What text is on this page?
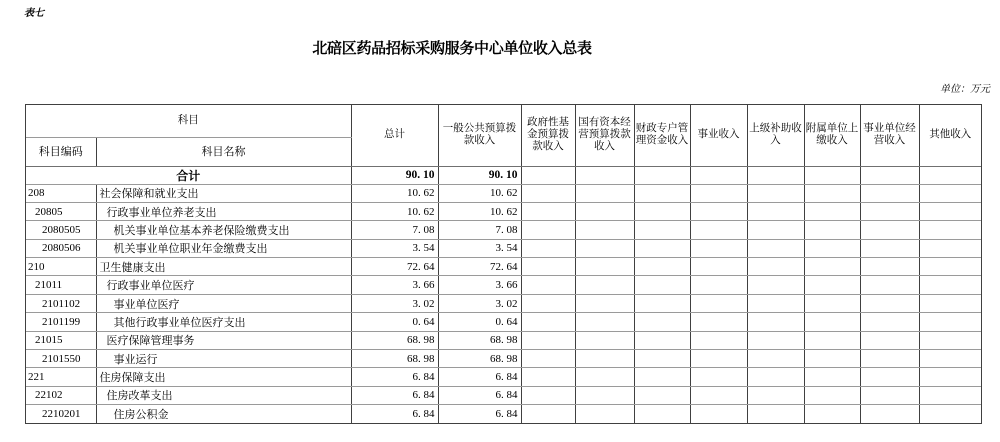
表七
北碚区药品招标采购服务中心单位收入总表
单位：万元
科目		总计	一般公共预算拨款收入	政府性基金预算拨款收入	国有资本经营预算拨款收入	财政专户管理资金收入	事业收入	上级补助收入	附属单位上缴收入	事业单位经营收入	其他收入
科目编码	科目名称										
合计		90. 10	90. 10								
208	社会保障和就业支出	10. 62	10. 62								
20805	行政事业单位养老支出	10. 62	10. 62								
2080505	机关事业单位基本养老保险缴费支出	7. 08	7. 08								
2080506	机关事业单位职业年金缴费支出	3. 54	3. 54								
210	卫生健康支出	72. 64	72. 64								
21011	行政事业单位医疗	3. 66	3. 66								
2101102	事业单位医疗	3. 02	3. 02								
2101199	其他行政事业单位医疗支出	0. 64	0. 64								
21015	医疗保障管理事务	68. 98	68. 98								
2101550	事业运行	68. 98	68. 98								
221	住房保障支出	6. 84	6. 84								
22102	住房改革支出	6. 84	6. 84								
2210201	住房公积金	6. 84	6. 84								
